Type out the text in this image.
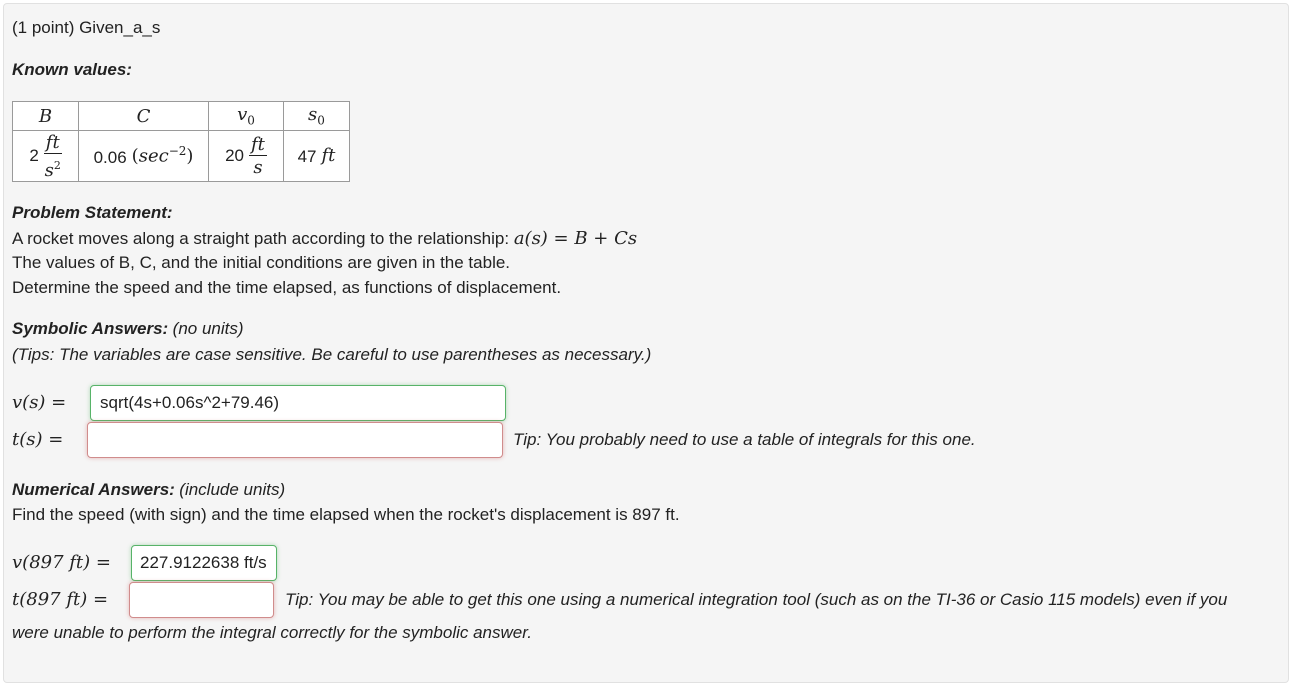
(1 point) Given_a_s
Known values:
B	C	$v_0$	$s_0$
$2 \frac{ft}{s^2}$	0.06 $(\sec^{-2})$	$20 \frac{ft}{s}$	47 ft
Problem Statement:
A rocket moves along a straight path according to the relationship: a(s) = B + Cs
The values of B, C, and the initial conditions are given in the table.
Determine the speed and the time elapsed, as functions of displacement.
Symbolic Answers: (no units)
(Tips: The variables are case sensitive. Be careful to use parentheses as necessary.)
v(s) =
sqrt(4s+0.06s^2+79.46)
t(s) =	Tip: You probably need to use a table of integrals for this one.
Numerical Answers: (include units)
Find the speed (with sign) and the time elapsed when the rocket's displacement is 897 ft.
v(897 ft) =
227.9122638 ft/s
t(897 ft) =	Tip: You may be able to get this one using a numerical integration tool (such as on the TI-36 or Casio 115 models) even if you
were unable to perform the integral correctly for the symbolic answer.
